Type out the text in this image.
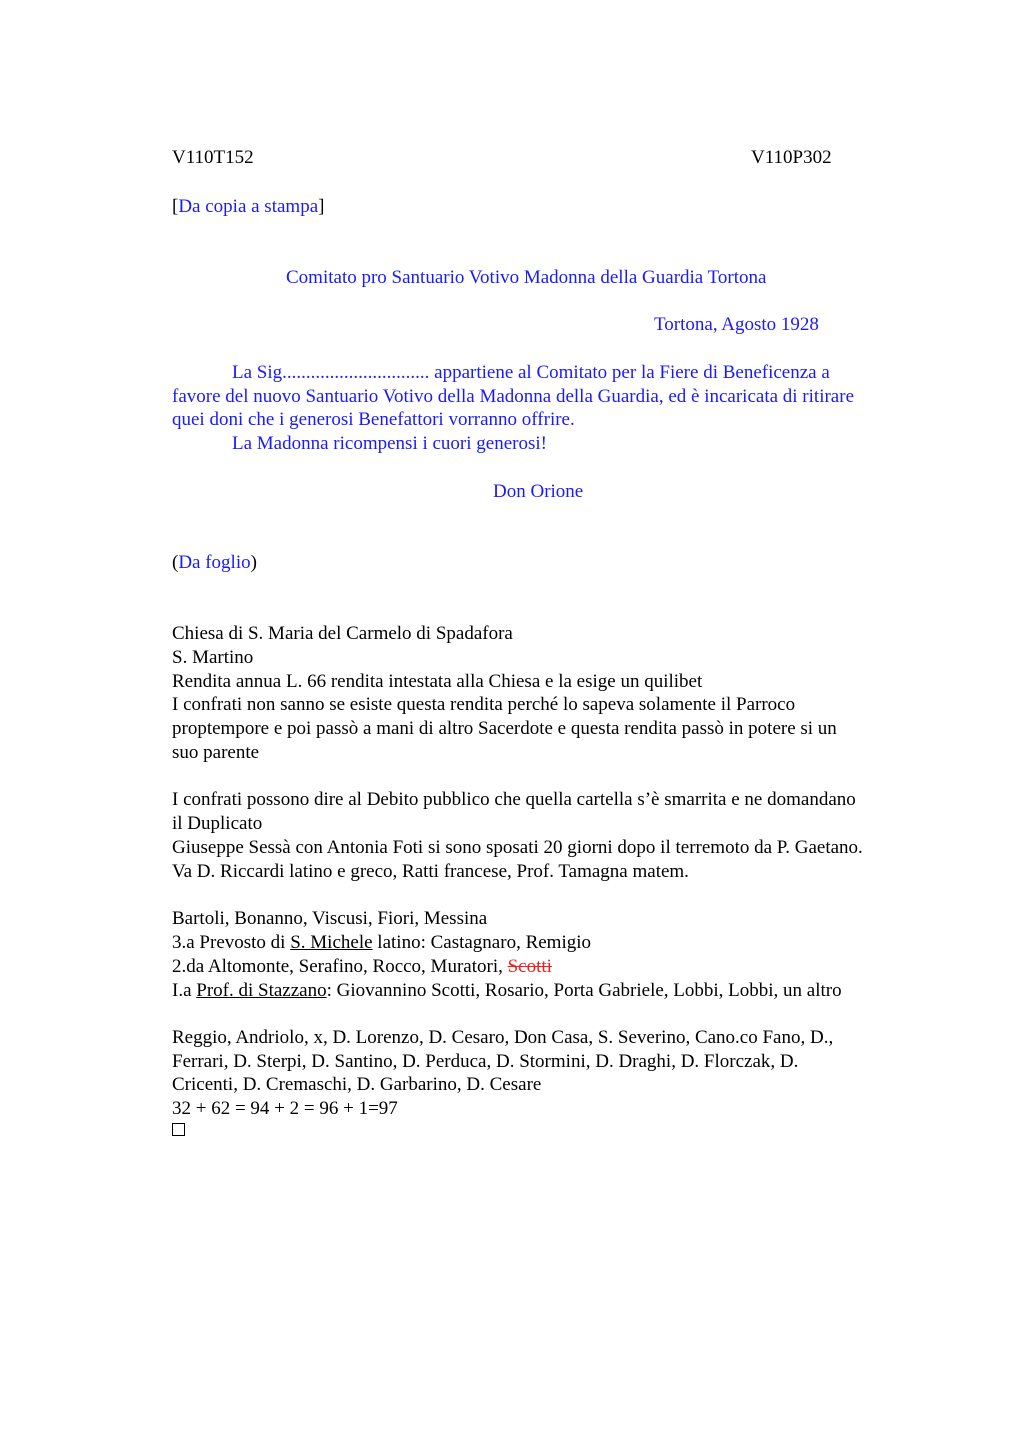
V110T152	V110P302
[Da copia a stampa]
Comitato pro Santuario Votivo Madonna della Guardia Tortona
Tortona, Agosto 1928
La Sig............................... appartiene al Comitato per la Fiere di Beneficenza a
favore del nuovo Santuario Votivo della Madonna della Guardia, ed è incaricata di ritirare
quei doni che i generosi Benefattori vorranno offrire.
La Madonna ricompensi i cuori generosi!
Don Orione
(Da foglio)
Chiesa di S. Maria del Carmelo di Spadafora
S. Martino
Rendita annua L. 66 rendita intestata alla Chiesa e la esige un quilibet
I confrati non sanno se esiste questa rendita perché lo sapeva solamente il Parroco
proptempore e poi passò a mani di altro Sacerdote e questa rendita passò in potere si un
suo parente
I confrati possono dire al Debito pubblico che quella cartella s’è smarrita e ne domandano
il Duplicato
Giuseppe Sessà con Antonia Foti si sono sposati 20 giorni dopo il terremoto da P. Gaetano.
Va D. Riccardi latino e greco, Ratti francese, Prof. Tamagna matem.
Bartoli, Bonanno, Viscusi, Fiori, Messina
3.a Prevosto di S. Michele latino: Castagnaro, Remigio
2.da Altomonte, Serafino, Rocco, Muratori, Scotti
I.a Prof. di Stazzano: Giovannino Scotti, Rosario, Porta Gabriele, Lobbi, Lobbi, un altro
Reggio, Andriolo, x, D. Lorenzo, D. Cesaro, Don Casa, S. Severino, Cano.co Fano, D.,
Ferrari, D. Sterpi, D. Santino, D. Perduca, D. Stormini, D. Draghi, D. Florczak, D.
Cricenti, D. Cremaschi, D. Garbarino, D. Cesare
32 + 62 = 94 + 2 = 96 + 1=97
